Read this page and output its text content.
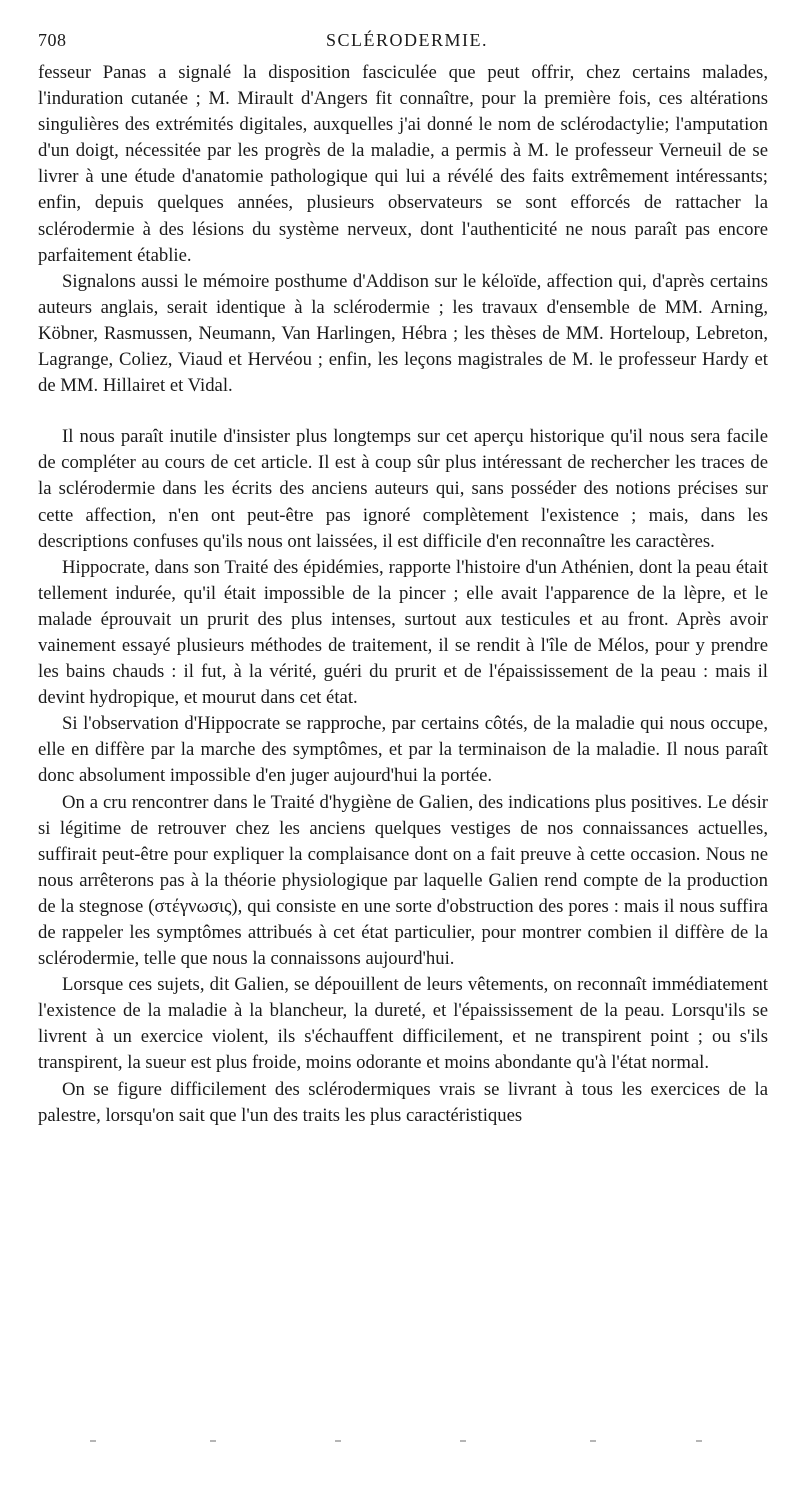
708	SCLÉRODERMIE.

fesseur Panas a signalé la disposition fasciculée que peut offrir, chez certains malades, l'induration cutanée ; M. Mirault d'Angers fit connaître, pour la première fois, ces altérations singulières des extrémités digitales, auxquelles j'ai donné le nom de sclérodactylie; l'amputation d'un doigt, nécessitée par les progrès de la maladie, a permis à M. le professeur Verneuil de se livrer à une étude d'anatomie pathologique qui lui a révélé des faits extrêmement intéressants; enfin, depuis quelques années, plusieurs observateurs se sont efforcés de rattacher la sclérodermie à des lésions du système nerveux, dont l'authenticité ne nous paraît pas encore parfaitement établie.

Signalons aussi le mémoire posthume d'Addison sur le kéloïde, affection qui, d'après certains auteurs anglais, serait identique à la sclérodermie ; les travaux d'ensemble de MM. Arning, Köbner, Rasmussen, Neumann, Van Harlingen, Hébra ; les thèses de MM. Horteloup, Lebreton, Lagrange, Coliez, Viaud et Hervéou ; enfin, les leçons magistrales de M. le professeur Hardy et de MM. Hillairet et Vidal.

Il nous paraît inutile d'insister plus longtemps sur cet aperçu historique qu'il nous sera facile de compléter au cours de cet article. Il est à coup sûr plus intéressant de rechercher les traces de la sclérodermie dans les écrits des anciens auteurs qui, sans posséder des notions précises sur cette affection, n'en ont peut-être pas ignoré complètement l'existence ; mais, dans les descriptions confuses qu'ils nous ont laissées, il est difficile d'en reconnaître les caractères.

Hippocrate, dans son Traité des épidémies, rapporte l'histoire d'un Athénien, dont la peau était tellement indurée, qu'il était impossible de la pincer ; elle avait l'apparence de la lèpre, et le malade éprouvait un prurit des plus intenses, surtout aux testicules et au front. Après avoir vainement essayé plusieurs méthodes de traitement, il se rendit à l'île de Mélos, pour y prendre les bains chauds : il fut, à la vérité, guéri du prurit et de l'épaississement de la peau : mais il devint hydropique, et mourut dans cet état.

Si l'observation d'Hippocrate se rapproche, par certains côtés, de la maladie qui nous occupe, elle en diffère par la marche des symptômes, et par la terminaison de la maladie. Il nous paraît donc absolument impossible d'en juger aujourd'hui la portée.

On a cru rencontrer dans le Traité d'hygiène de Galien, des indications plus positives. Le désir si légitime de retrouver chez les anciens quelques vestiges de nos connaissances actuelles, suffirait peut-être pour expliquer la complaisance dont on a fait preuve à cette occasion. Nous ne nous arrêterons pas à la théorie physiologique par laquelle Galien rend compte de la production de la stegnose (στέγνωσις), qui consiste en une sorte d'obstruction des pores : mais il nous suffira de rappeler les symptômes attribués à cet état particulier, pour montrer combien il diffère de la sclérodermie, telle que nous la connaissons aujourd'hui.

Lorsque ces sujets, dit Galien, se dépouillent de leurs vêtements, on reconnaît immédiatement l'existence de la maladie à la blancheur, la dureté, et l'épaississement de la peau. Lorsqu'ils se livrent à un exercice violent, ils s'échauffent difficilement, et ne transpirent point ; ou s'ils transpirent, la sueur est plus froide, moins odorante et moins abondante qu'à l'état normal.

On se figure difficilement des sclérodermiques vrais se livrant à tous les exercices de la palestre, lorsqu'on sait que l'un des traits les plus caractéristiques
